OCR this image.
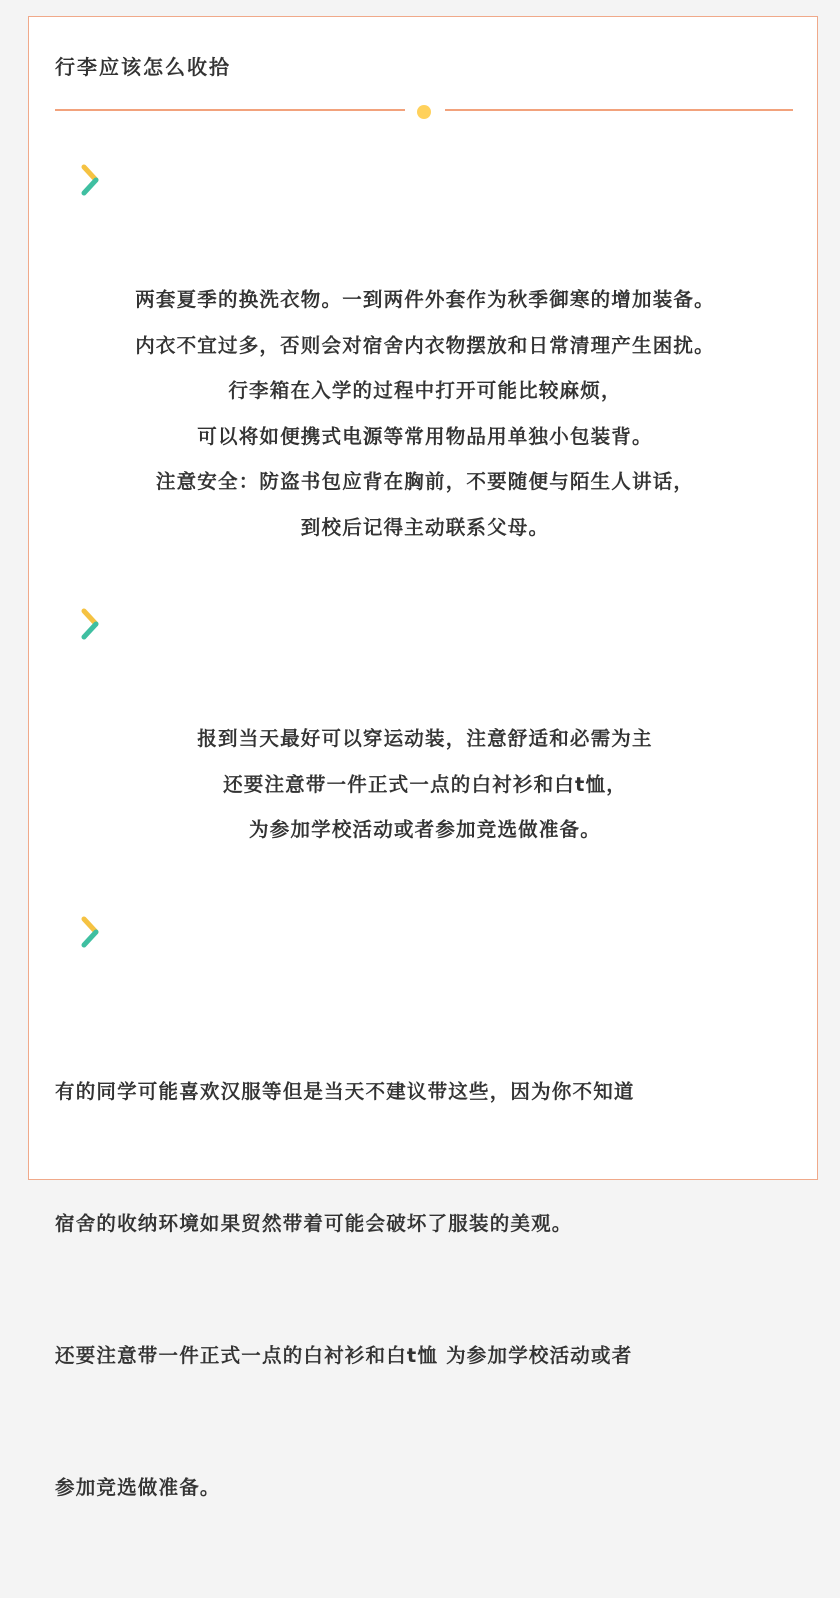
行李应该怎么收拾
两套夏季的换洗衣物。一到两件外套作为秋季御寒的增加装备。
内衣不宜过多，否则会对宿舍内衣物摆放和日常清理产生困扰。
行李箱在入学的过程中打开可能比较麻烦，
可以将如便携式电源等常用物品用单独小包装背。
注意安全：防盗书包应背在胸前，不要随便与陌生人讲话，
到校后记得主动联系父母。
报到当天最好可以穿运动装，注意舒适和必需为主
还要注意带一件正式一点的白衬衫和白t恤，
为参加学校活动或者参加竞选做准备。

有的同学可能喜欢汉服等但是当天不建议带这些，因为你不知道

宿舍的收纳环境如果贸然带着可能会破坏了服装的美观。

还要注意带一件正式一点的白衬衫和白t恤 为参加学校活动或者

参加竞选做准备。
